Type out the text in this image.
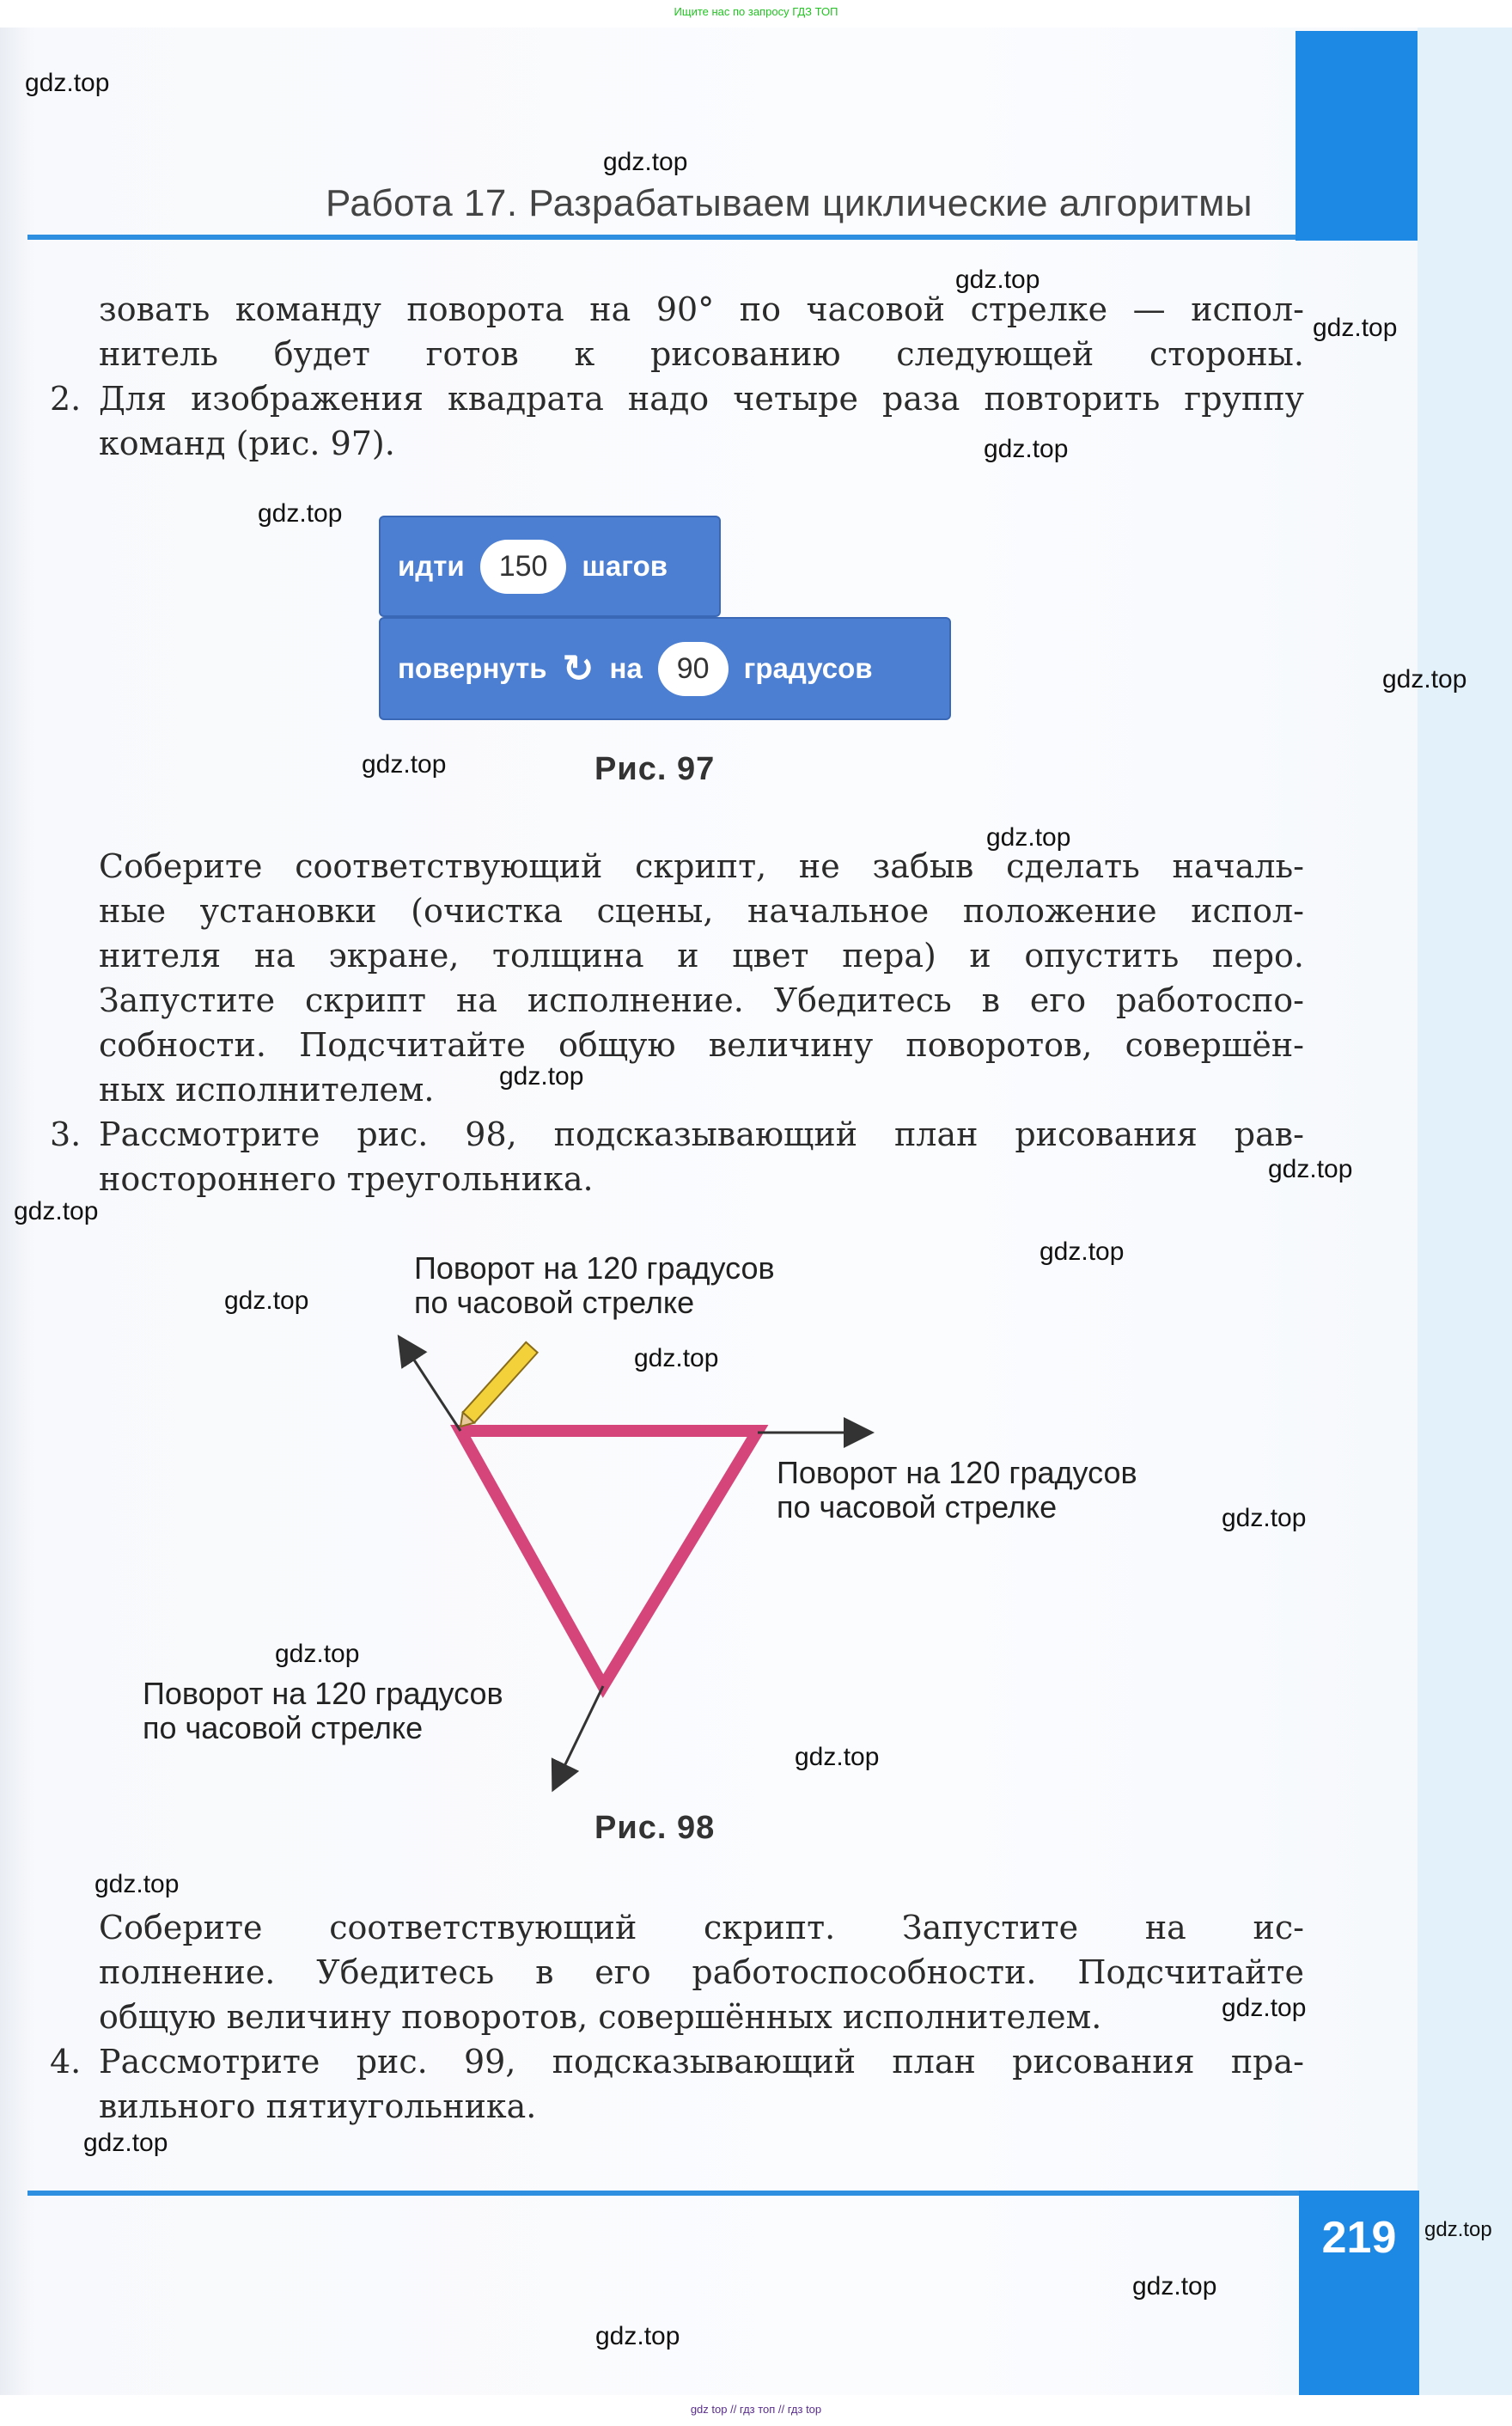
Ищите нас по запросу ГДЗ ТОП
Работа 17. Разрабатываем циклические алгоритмы
зовать команду поворота на 90° по часовой стрелке — испол-
нитель будет готов к рисованию следующей стороны.
2. Для изображения квадрата надо четыре раза повторить группу
команд (рис. 97).
идти	150	шагов
повернуть ↻ на	90	градусов
Рис. 97
Соберите соответствующий скрипт, не забыв сделать началь-
ные установки (очистка сцены, начальное положение испол-
нителя на экране, толщина и цвет пера) и опустить перо.
Запустите скрипт на исполнение. Убедитесь в его работоспо-
собности. Подсчитайте общую величину поворотов, совершён-
ных исполнителем.
3. Рассмотрите рис. 98, подсказывающий план рисования рав-
ностороннего треугольника.
Поворот на 120 градусов
по часовой стрелке
Поворот на 120 градусов
по часовой стрелке
Поворот на 120 градусов
по часовой стрелке
Рис. 98
Соберите соответствующий скрипт. Запустите на ис-
полнение. Убедитесь в его работоспособности. Подсчитайте
общую величину поворотов, совершённых исполнителем.
4. Рассмотрите рис. 99, подсказывающий план рисования пра-
вильного пятиугольника.
219
gdz.top
gdz.top
gdz.top
gdz.top
gdz.top
gdz.top
gdz.top
gdz.top
gdz.top
gdz.top
gdz.top
gdz.top
gdz.top
gdz.top
gdz.top
gdz.top
gdz.top
gdz.top
gdz.top
gdz.top
gdz.top
gdz.top
gdz.top
gdz.top
gdz top // гдз топ // гдз top
